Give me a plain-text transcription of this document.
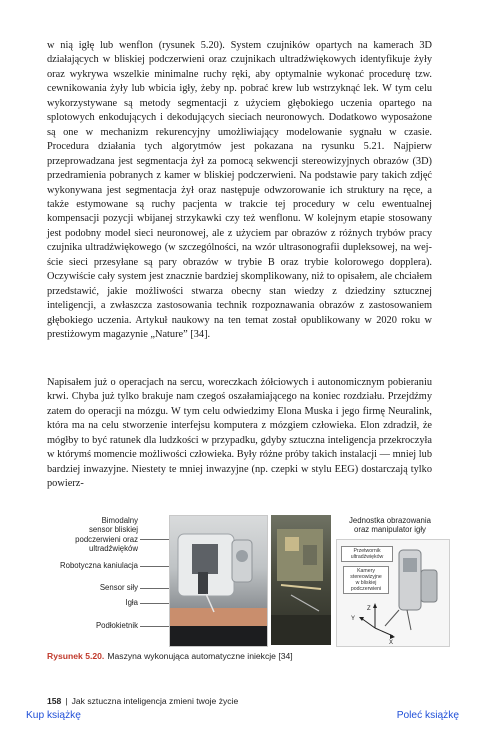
w nią igłę lub wenflon (rysunek 5.20). System czujników opartych na kamerach 3D działających w bliskiej podczerwieni oraz czujnikach ultradźwiękowych identyfikuje żyły oraz wykrywa wszelkie minimalne ruchy ręki, aby optymalnie wykonać procedurę tzw. cewnikowania żyły lub wbicia igły, żeby np. pobrać krew lub wstrzyknąć lek. W tym celu wykorzystywane są metody segmentacji z użyciem głębokiego uczenia opartego na splotowych enkodujących i dekodujących sieciach neuronowych. Dodatkowo wyposażone są one w mechanizm rekurencyjny umożliwiający modelowanie sygnału w czasie. Procedura działania tych algorytmów jest pokazana na rysunku 5.21. Najpierw przeprowadzana jest segmentacja żył za pomocą sekwencji stereowizyjnych obrazów (3D) przedramienia pobranych z kamer w bliskiej podczerwieni. Na podstawie pary takich zdjęć wykonywana jest segmentacja żył oraz następuje odwzorowanie ich struktury na ręce, a także estymowane są ruchy pacjenta w trakcie tej procedury w celu ewentualnej kompensacji pozycji wbijanej strzykawki czy też wenflonu. W kolejnym etapie stosowany jest podobny model sieci neuronowej, ale z użyciem par obrazów z różnych trybów pracy czujnika ultradźwiękowego (w szczególności, na wzór ultrasonografii dupleksowej, na wejście sieci przesyłane są pary obrazów w trybie B oraz trybie kolorowego dopplera). Oczywiście cały system jest znacznie bardziej skomplikowany, niż to opisałem, ale chciałem przedstawić, jakie możliwości stwarza obecny stan wiedzy z dziedziny sztucznej inteligencji, a zwłaszcza zastosowania technik rozpoznawania obrazów z zastosowaniem głębokiego uczenia. Artykuł naukowy na ten temat został opublikowany w 2020 roku w prestiżowym magazynie „Nature” [34].
Napisałem już o operacjach na sercu, woreczkach żółciowych i autonomicznym pobieraniu krwi. Chyba już tylko brakuje nam czegoś oszałamiającego na koniec rozdziału. Przejdźmy zatem do operacji na mózgu. W tym celu odwiedzimy Elona Muska i jego firmę Neuralink, która ma na celu stworzenie interfejsu komputera z mózgiem człowieka. Elon zdradził, że mógłby to być ratunek dla ludzkości w przypadku, gdyby sztuczna inteligencja przekroczyła w którymś momencie możliwości człowieka. Były różne próby takich instalacji — mniej lub bardziej inwazyjne. Niestety te mniej inwazyjne (np. czepki w stylu EEG) dostarczają tylko powierz-
Bimodalny
sensor bliskiej
podczerwieni oraz
ultradźwięków
Robotyczna kaniulacja
Sensor siły
Igła
Podłokietnik
Jednostka obrazowania
oraz manipulator igły
Z
Y
X
Przetwornik
ultradźwięków
Kamery
stereowizyjne
w bliskiej
podczerwieni
Rysunek 5.20. Maszyna wykonująca automatyczne iniekcje [34]
158 | Jak sztuczna inteligencja zmieni twoje życie
Kup książkę	Poleć książkę
